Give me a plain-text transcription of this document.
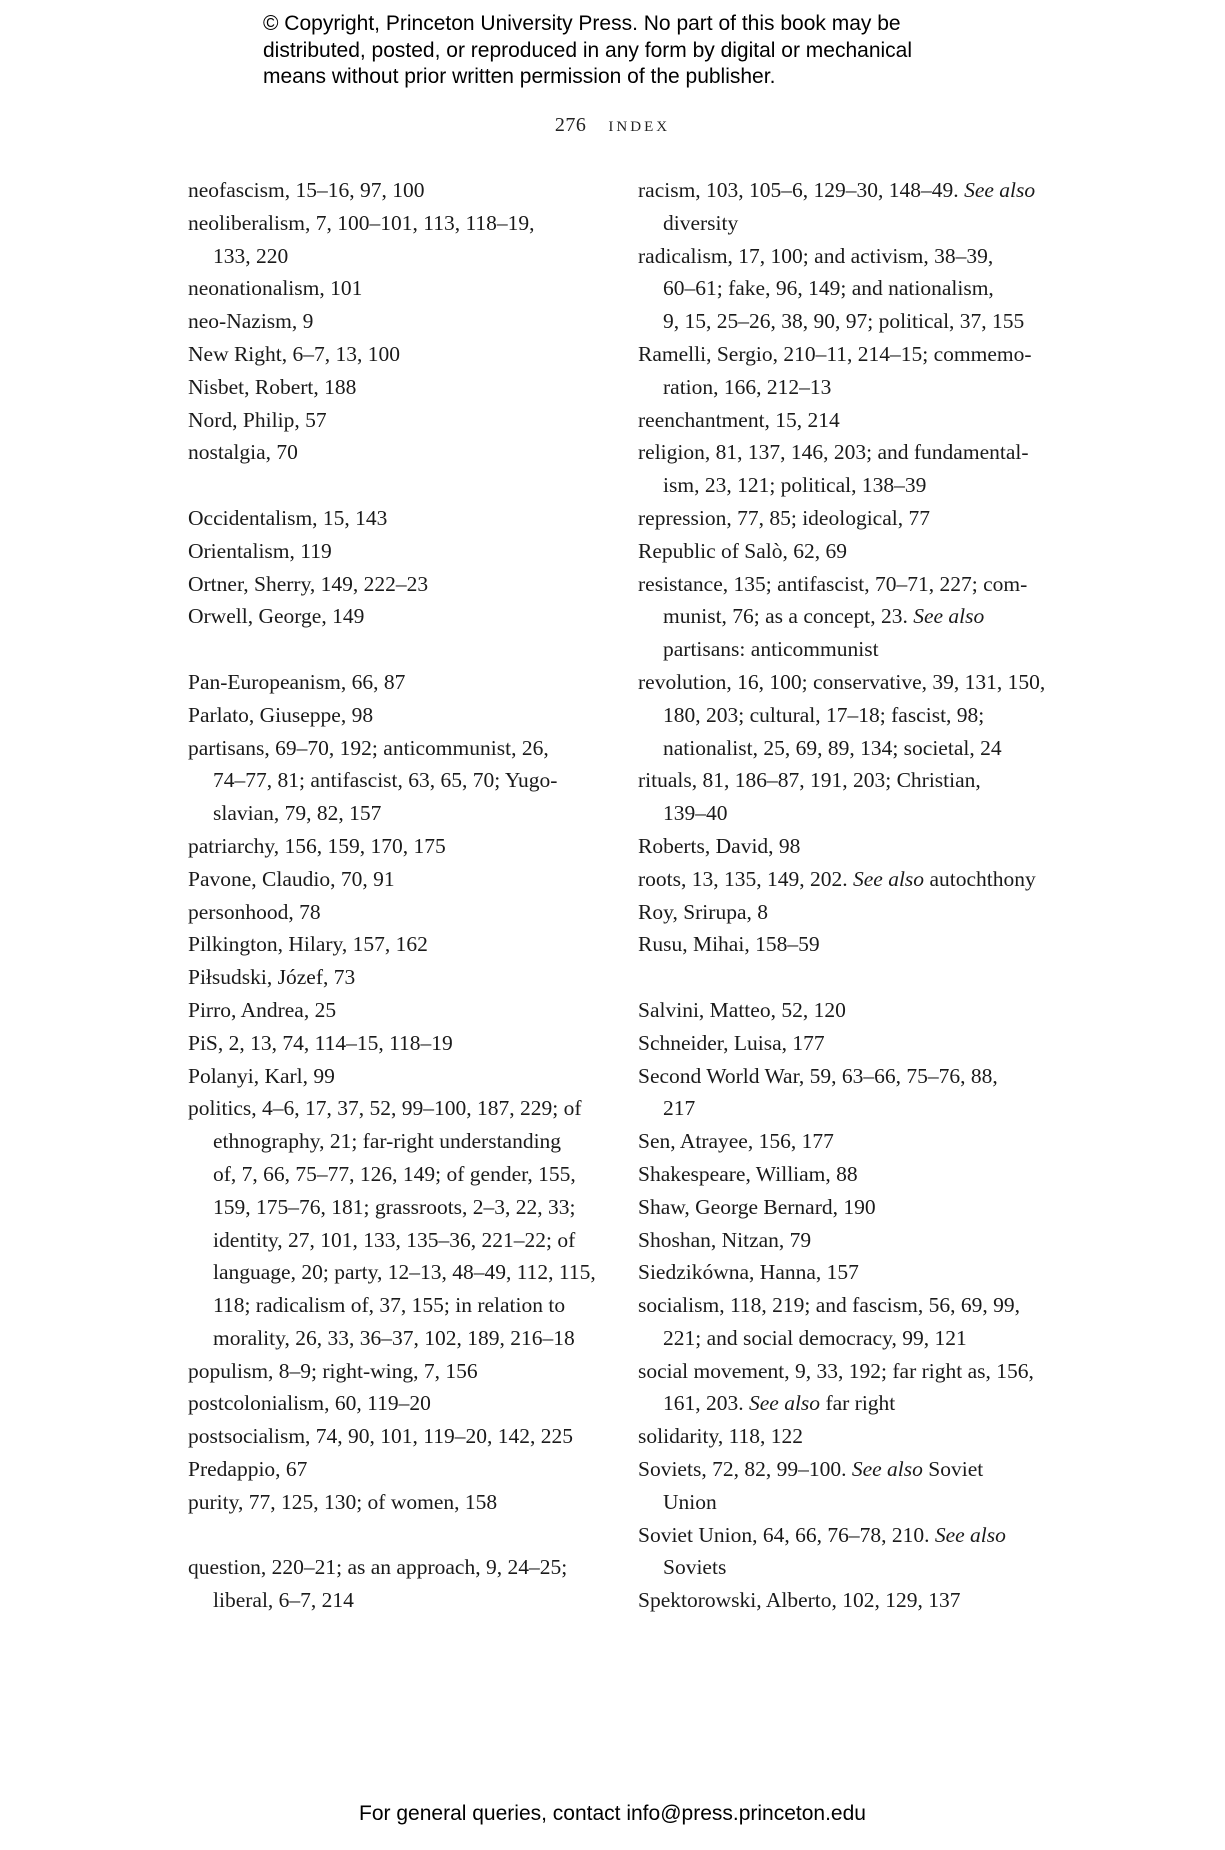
© Copyright, Princeton University Press. No part of this book may be
distributed, posted, or reproduced in any form by digital or mechanical
means without prior written permission of the publisher.
276 index
neofascism, 15–16, 97, 100
neoliberalism, 7, 100–101, 113, 118–19,
133, 220
neonationalism, 101
neo-Nazism, 9
New Right, 6–7, 13, 100
Nisbet, Robert, 188
Nord, Philip, 57
nostalgia, 70
Occidentalism, 15, 143
Orientalism, 119
Ortner, Sherry, 149, 222–23
Orwell, George, 149
Pan-Europeanism, 66, 87
Parlato, Giuseppe, 98
partisans, 69–70, 192; anticommunist, 26,
74–77, 81; antifascist, 63, 65, 70; Yugo-
slavian, 79, 82, 157
patriarchy, 156, 159, 170, 175
Pavone, Claudio, 70, 91
personhood, 78
Pilkington, Hilary, 157, 162
Piłsudski, Józef, 73
Pirro, Andrea, 25
PiS, 2, 13, 74, 114–15, 118–19
Polanyi, Karl, 99
politics, 4–6, 17, 37, 52, 99–100, 187, 229; of
ethnography, 21; far-right understanding
of, 7, 66, 75–77, 126, 149; of gender, 155,
159, 175–76, 181; grassroots, 2–3, 22, 33;
identity, 27, 101, 133, 135–36, 221–22; of
language, 20; party, 12–13, 48–49, 112, 115,
118; radicalism of, 37, 155; in relation to
morality, 26, 33, 36–37, 102, 189, 216–18
populism, 8–9; right-wing, 7, 156
postcolonialism, 60, 119–20
postsocialism, 74, 90, 101, 119–20, 142, 225
Predappio, 67
purity, 77, 125, 130; of women, 158
question, 220–21; as an approach, 9, 24–25;
liberal, 6–7, 214
racism, 103, 105–6, 129–30, 148–49. See also
diversity
radicalism, 17, 100; and activism, 38–39,
60–61; fake, 96, 149; and nationalism,
9, 15, 25–26, 38, 90, 97; political, 37, 155
Ramelli, Sergio, 210–11, 214–15; commemo-
ration, 166, 212–13
reenchantment, 15, 214
religion, 81, 137, 146, 203; and fundamental-
ism, 23, 121; political, 138–39
repression, 77, 85; ideological, 77
Republic of Salò, 62, 69
resistance, 135; antifascist, 70–71, 227; com-
munist, 76; as a concept, 23. See also
partisans: anticommunist
revolution, 16, 100; conservative, 39, 131, 150,
180, 203; cultural, 17–18; fascist, 98;
nationalist, 25, 69, 89, 134; societal, 24
rituals, 81, 186–87, 191, 203; Christian,
139–40
Roberts, David, 98
roots, 13, 135, 149, 202. See also autochthony
Roy, Srirupa, 8
Rusu, Mihai, 158–59
Salvini, Matteo, 52, 120
Schneider, Luisa, 177
Second World War, 59, 63–66, 75–76, 88,
217
Sen, Atrayee, 156, 177
Shakespeare, William, 88
Shaw, George Bernard, 190
Shoshan, Nitzan, 79
Siedzikówna, Hanna, 157
socialism, 118, 219; and fascism, 56, 69, 99,
221; and social democracy, 99, 121
social movement, 9, 33, 192; far right as, 156,
161, 203. See also far right
solidarity, 118, 122
Soviets, 72, 82, 99–100. See also Soviet
Union
Soviet Union, 64, 66, 76–78, 210. See also
Soviets
Spektorowski, Alberto, 102, 129, 137
For general queries, contact info@press.princeton.edu
